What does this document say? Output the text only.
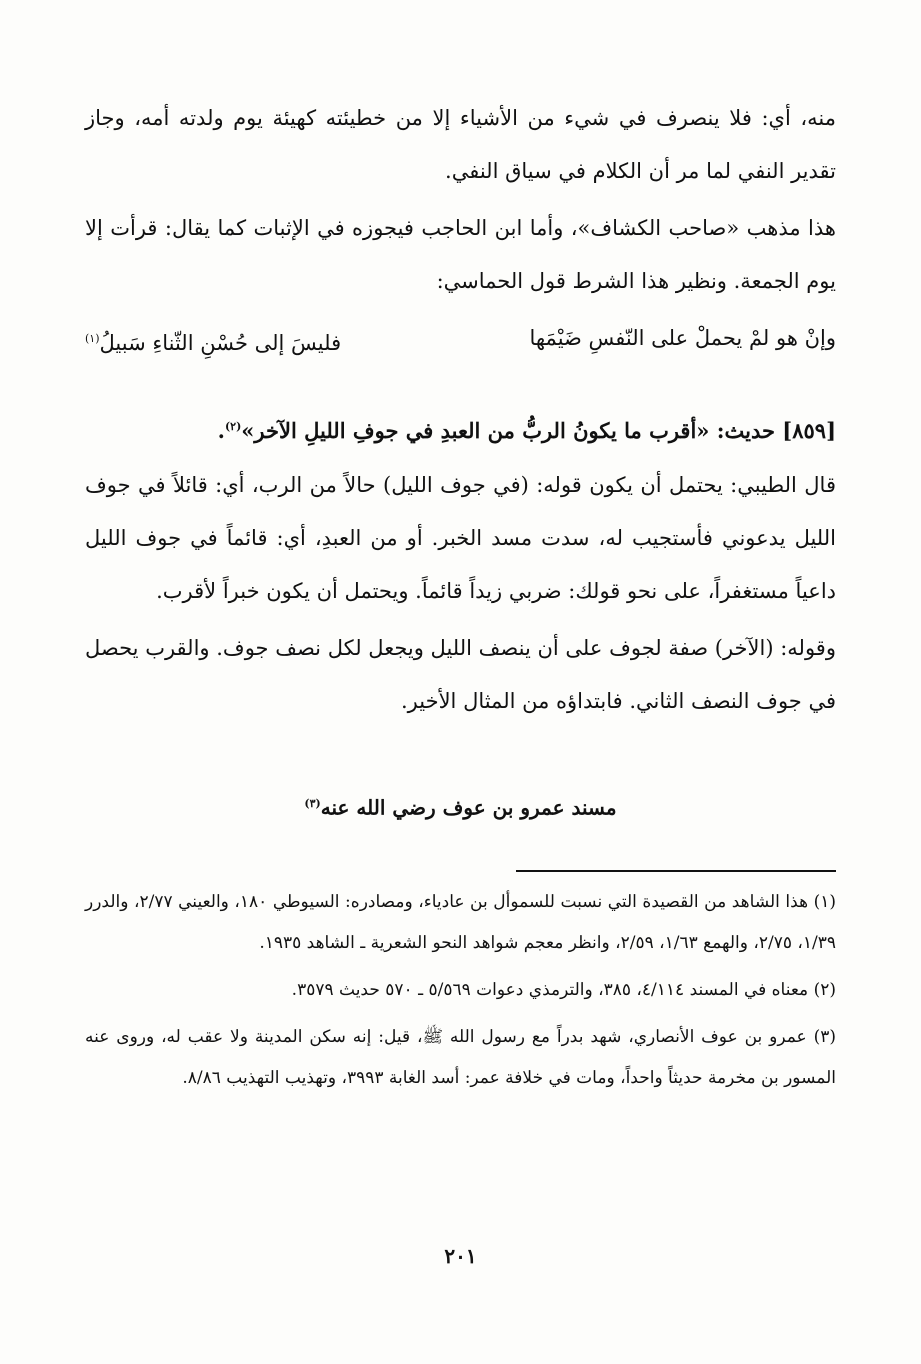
منه، أي: فلا ينصرف في شيء من الأشياء إلا من خطيئته كهيئة يوم ولدته أمه، وجاز تقدير النفي لما مر أن الكلام في سياق النفي.

هذا مذهب «صاحب الكشاف»، وأما ابن الحاجب فيجوزه في الإثبات كما يقال: قرأت إلا يوم الجمعة. ونظير هذا الشرط قول الحماسي:

وإنْ هو لمْ يحملْ على النّفسِ ضَيْمَها
فليسَ إلى حُسْنِ الثّناءِ سَبيلُ$^{(١)}$

[٨٥٩] حديث: «أقرب ما يكونُ الربُّ من العبدِ في جوفِ الليلِ الآخر»$^{(٢)}$.

قال الطيبي: يحتمل أن يكون قوله: (في جوف الليل) حالاً من الرب، أي: قائلاً في جوف الليل يدعوني فأستجيب له، سدت مسد الخبر. أو من العبدِ، أي: قائماً في جوف الليل داعياً مستغفراً، على نحو قولك: ضربي زيداً قائماً. ويحتمل أن يكون خبراً لأقرب.

وقوله: (الآخر) صفة لجوف على أن ينصف الليل ويجعل لكل نصف جوف. والقرب يحصل في جوف النصف الثاني. فابتداؤه من المثال الأخير.

مسند عمرو بن عوف رضي الله عنه$^{(٣)}$

(١) هذا الشاهد من القصيدة التي نسبت للسموأل بن عادياء، ومصادره: السيوطي ١٨٠، والعيني ٢/٧٧، والدرر ١/٣٩، ٢/٧٥، والهمع ١/٦٣، ٢/٥٩، وانظر معجم شواهد النحو الشعرية ـ الشاهد ١٩٣٥.

(٢) معناه في المسند ٤/١١٤، ٣٨٥، والترمذي دعوات ٥/٥٦٩ ـ ٥٧٠ حديث ٣٥٧٩.

(٣) عمرو بن عوف الأنصاري، شهد بدراً مع رسول الله ﷺ، قيل: إنه سكن المدينة ولا عقب له، وروى عنه المسور بن مخرمة حديثاً واحداً، ومات في خلافة عمر: أسد الغابة ٣٩٩٣، وتهذيب التهذيب ٨/٨٦.

٢٠١
